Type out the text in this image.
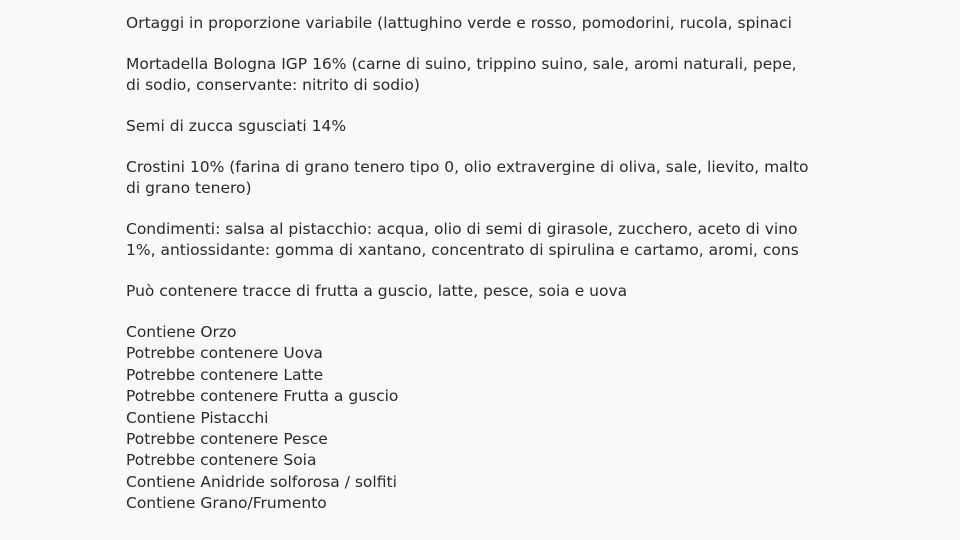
Ortaggi in proporzione variabile (lattughino verde e rosso, pomodorini, rucola, spinaci

Mortadella Bologna IGP 16% (carne di suino, trippino suino, sale, aromi naturali, pepe,
di sodio, conservante: nitrito di sodio)

Semi di zucca sgusciati 14%

Crostini 10% (farina di grano tenero tipo 0, olio extravergine di oliva, sale, lievito, malto
di grano tenero)

Condimenti: salsa al pistacchio: acqua, olio di semi di girasole, zucchero, aceto di vino
1%, antiossidante: gomma di xantano, concentrato di spirulina e cartamo, aromi, cons

Può contenere tracce di frutta a guscio, latte, pesce, soia e uova

Contiene Orzo
Potrebbe contenere Uova
Potrebbe contenere Latte
Potrebbe contenere Frutta a guscio
Contiene Pistacchi
Potrebbe contenere Pesce
Potrebbe contenere Soia
Contiene Anidride solforosa / solfiti
Contiene Grano/Frumento
